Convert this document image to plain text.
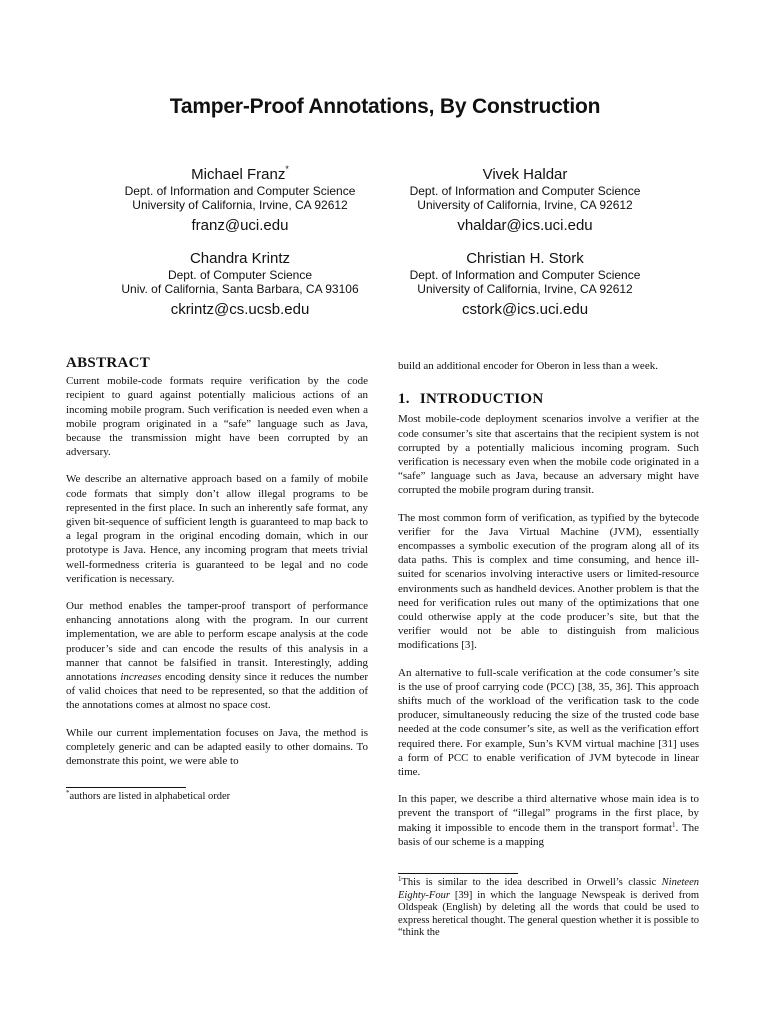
Tamper-Proof Annotations, By Construction
Michael Franz*
Dept. of Information and Computer Science
University of California, Irvine, CA 92612
franz@uci.edu
Vivek Haldar
Dept. of Information and Computer Science
University of California, Irvine, CA 92612
vhaldar@ics.uci.edu
Chandra Krintz
Dept. of Computer Science
Univ. of California, Santa Barbara, CA 93106
ckrintz@cs.ucsb.edu
Christian H. Stork
Dept. of Information and Computer Science
University of California, Irvine, CA 92612
cstork@ics.uci.edu
ABSTRACT

Current mobile-code formats require verification by the code recipient to guard against potentially malicious actions of an incoming mobile program. Such verification is needed even when a mobile program originated in a “safe” language such as Java, because the transmission might have been corrupted by an adversary.

We describe an alternative approach based on a family of mobile code formats that simply don’t allow illegal programs to be represented in the first place. In such an inherently safe format, any given bit-sequence of sufficient length is guaranteed to map back to a legal program in the original encoding domain, which in our prototype is Java. Hence, any incoming program that meets trivial well-formedness criteria is guaranteed to be legal and no code verification is necessary.

Our method enables the tamper-proof transport of performance enhancing annotations along with the program. In our current implementation, we are able to perform escape analysis at the code producer’s side and can encode the results of this analysis in a manner that cannot be falsified in transit. Interestingly, adding annotations increases encoding density since it reduces the number of valid choices that need to be represented, so that the addition of the annotations comes at almost no space cost.

While our current implementation focuses on Java, the method is completely generic and can be adapted easily to other domains. To demonstrate this point, we were able to

*authors are listed in alphabetical order

build an additional encoder for Oberon in less than a week.

1. INTRODUCTION

Most mobile-code deployment scenarios involve a verifier at the code consumer’s site that ascertains that the recipient system is not corrupted by a potentially malicious incoming program. Such verification is necessary even when the mobile code originated in a “safe” language such as Java, because an adversary might have corrupted the mobile program during transit.

The most common form of verification, as typified by the bytecode verifier for the Java Virtual Machine (JVM), essentially encompasses a symbolic execution of the program along all of its data paths. This is complex and time consuming, and hence ill-suited for scenarios involving interactive users or limited-resource environments such as handheld devices. Another problem is that the need for verification rules out many of the optimizations that one could otherwise apply at the code producer’s site, but that the verifier would not be able to distinguish from malicious modifications [3].

An alternative to full-scale verification at the code consumer’s site is the use of proof carrying code (PCC) [38, 35, 36]. This approach shifts much of the workload of the verification task to the code producer, simultaneously reducing the size of the trusted code base needed at the code consumer’s site, as well as the verification effort required there. For example, Sun’s KVM virtual machine [31] uses a form of PCC to enable verification of JVM bytecode in linear time.

In this paper, we describe a third alternative whose main idea is to prevent the transport of “illegal” programs in the first place, by making it impossible to encode them in the transport format$^1$. The basis of our scheme is a mapping

$^1$This is similar to the idea described in Orwell’s classic Nineteen Eighty-Four [39] in which the language Newspeak is derived from Oldspeak (English) by deleting all the words that could be used to express heretical thought. The general question whether it is possible to “think the
